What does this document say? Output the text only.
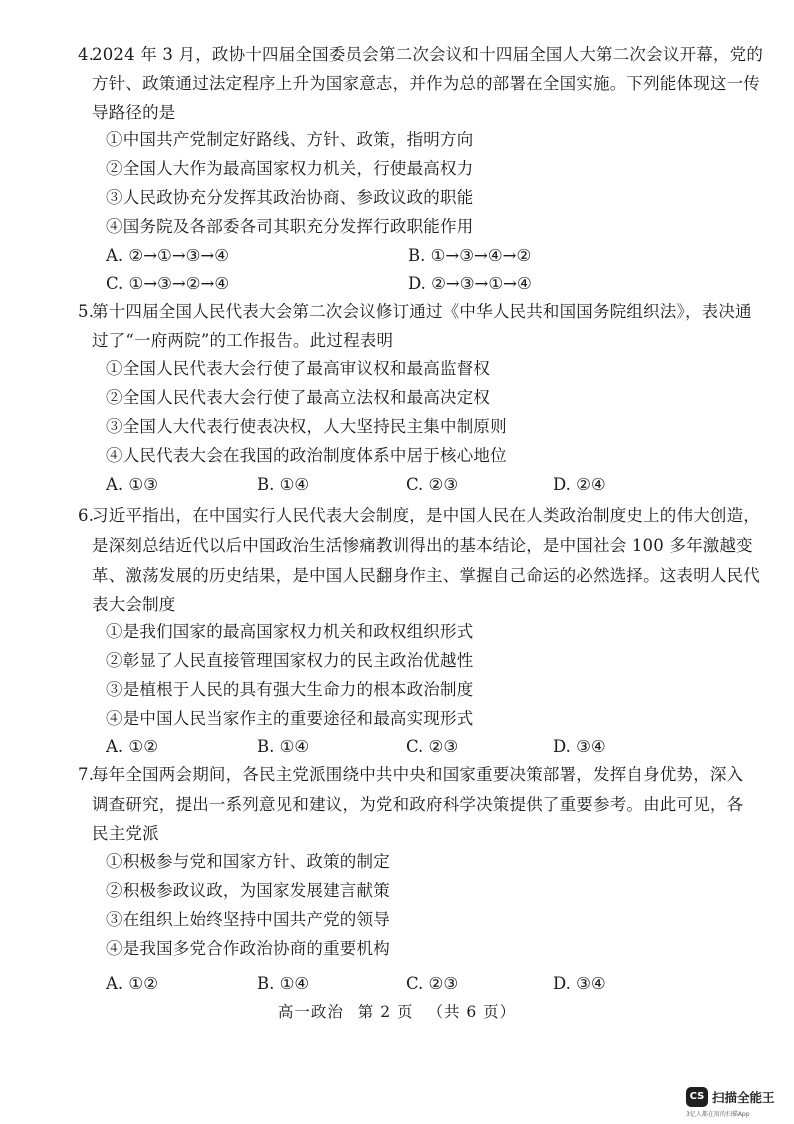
4.
2024 年 3 月，政协十四届全国委员会第二次会议和十四届全国人大第二次会议开幕，党的
方针、政策通过法定程序上升为国家意志，并作为总的部署在全国实施。下列能体现这一传
导路径的是
①中国共产党制定好路线、方针、政策，指明方向
②全国人大作为最高国家权力机关，行使最高权力
③人民政协充分发挥其政治协商、参政议政的职能
④国务院及各部委各司其职充分发挥行政职能作用
A. ②→①→③→④	B. ①→③→④→②
C. ①→③→②→④	D. ②→③→①→④
5.
第十四届全国人民代表大会第二次会议修订通过《中华人民共和国国务院组织法》，表决通
过了“一府两院”的工作报告。此过程表明
①全国人民代表大会行使了最高审议权和最高监督权
②全国人民代表大会行使了最高立法权和最高决定权
③全国人大代表行使表决权，人大坚持民主集中制原则
④人民代表大会在我国的政治制度体系中居于核心地位
A. ①③	B. ①④	C. ②③	D. ②④
6.
习近平指出，在中国实行人民代表大会制度，是中国人民在人类政治制度史上的伟大创造，
是深刻总结近代以后中国政治生活惨痛教训得出的基本结论，是中国社会 100 多年激越变
革、激荡发展的历史结果，是中国人民翻身作主、掌握自己命运的必然选择。这表明人民代
表大会制度
①是我们国家的最高国家权力机关和政权组织形式
②彰显了人民直接管理国家权力的民主政治优越性
③是植根于人民的具有强大生命力的根本政治制度
④是中国人民当家作主的重要途径和最高实现形式
A. ①②	B. ①④	C. ②③	D. ③④
7.
每年全国两会期间，各民主党派围绕中共中央和国家重要决策部署，发挥自身优势，深入
调查研究，提出一系列意见和建议，为党和政府科学决策提供了重要参考。由此可见，各
民主党派
①积极参与党和国家方针、政策的制定
②积极参政议政，为国家发展建言献策
③在组织上始终坚持中国共产党的领导
④是我国多党合作政治协商的重要机构
A. ①②	B. ①④	C. ②③	D. ③④
高一政治 第 2 页 （共 6 页）
CS 扫描全能王
3亿人都在用的扫描App
